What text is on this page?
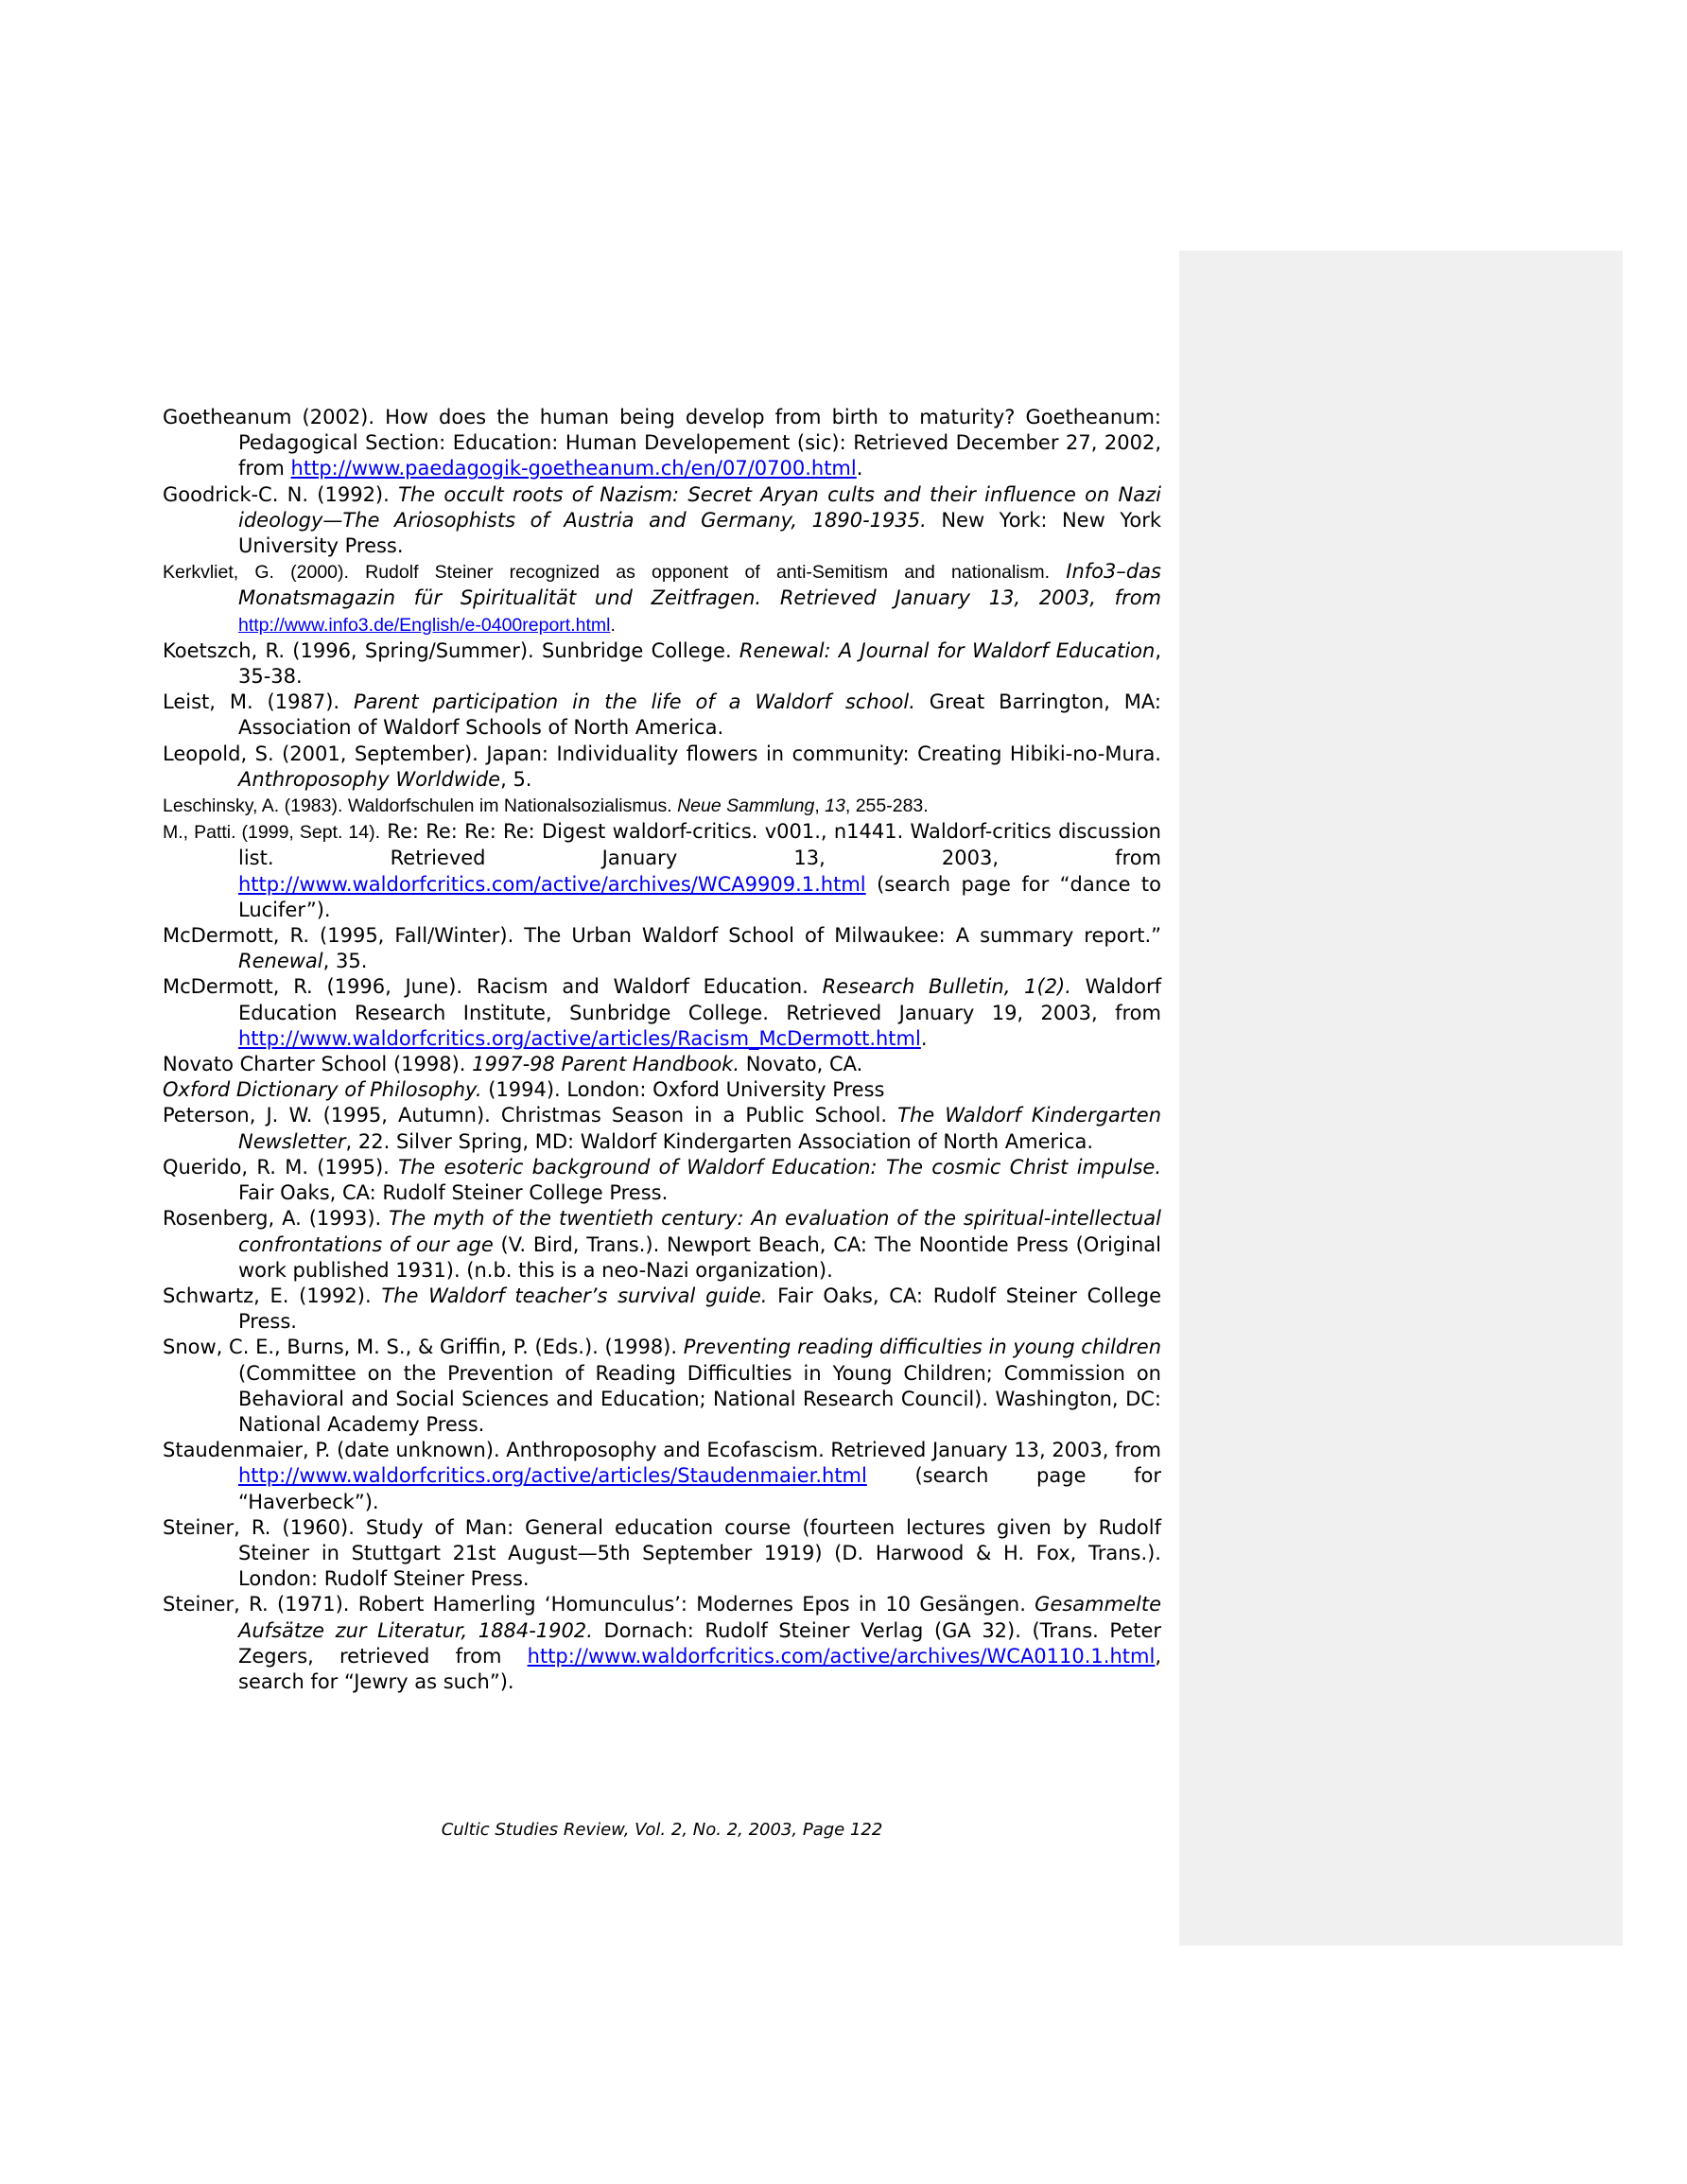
Goetheanum (2002). How does the human being develop from birth to maturity? Goetheanum: Pedagogical Section: Education: Human Developement (sic): Retrieved December 27, 2002, from http://www.paedagogik-goetheanum.ch/en/07/0700.html.
Goodrick-C. N. (1992). The occult roots of Nazism: Secret Aryan cults and their influence on Nazi ideology—The Ariosophists of Austria and Germany, 1890-1935. New York: New York University Press.
Kerkvliet, G. (2000). Rudolf Steiner recognized as opponent of anti-Semitism and nationalism. Info3–das Monatsmagazin für Spiritualität und Zeitfragen. Retrieved January 13, 2003, from http://www.info3.de/English/e-0400report.html.
Koetszch, R. (1996, Spring/Summer). Sunbridge College. Renewal: A Journal for Waldorf Education, 35-38.
Leist, M. (1987). Parent participation in the life of a Waldorf school. Great Barrington, MA: Association of Waldorf Schools of North America.
Leopold, S. (2001, September). Japan: Individuality flowers in community: Creating Hibiki-no-Mura. Anthroposophy Worldwide, 5.
Leschinsky, A. (1983). Waldorfschulen im Nationalsozialismus. Neue Sammlung, 13, 255-283.
M., Patti. (1999, Sept. 14). Re: Re: Re: Re: Digest waldorf-critics. v001., n1441. Waldorf-critics discussion list. Retrieved January 13, 2003, from http://www.waldorfcritics.com/active/archives/WCA9909.1.html (search page for “dance to Lucifer”).
McDermott, R. (1995, Fall/Winter). The Urban Waldorf School of Milwaukee: A summary report.” Renewal, 35.
McDermott, R. (1996, June). Racism and Waldorf Education. Research Bulletin, 1(2). Waldorf Education Research Institute, Sunbridge College. Retrieved January 19, 2003, from http://www.waldorfcritics.org/active/articles/Racism_McDermott.html.
Novato Charter School (1998). 1997-98 Parent Handbook. Novato, CA.
Oxford Dictionary of Philosophy. (1994). London: Oxford University Press
Peterson, J. W. (1995, Autumn). Christmas Season in a Public School. The Waldorf Kindergarten Newsletter, 22. Silver Spring, MD: Waldorf Kindergarten Association of North America.
Querido, R. M. (1995). The esoteric background of Waldorf Education: The cosmic Christ impulse. Fair Oaks, CA: Rudolf Steiner College Press.
Rosenberg, A. (1993). The myth of the twentieth century: An evaluation of the spiritual-intellectual confrontations of our age (V. Bird, Trans.). Newport Beach, CA: The Noontide Press (Original work published 1931). (n.b. this is a neo-Nazi organization).
Schwartz, E. (1992). The Waldorf teacher’s survival guide. Fair Oaks, CA: Rudolf Steiner College Press.
Snow, C. E., Burns, M. S., & Griffin, P. (Eds.). (1998). Preventing reading difficulties in young children (Committee on the Prevention of Reading Difficulties in Young Children; Commission on Behavioral and Social Sciences and Education; National Research Council). Washington, DC: National Academy Press.
Staudenmaier, P. (date unknown). Anthroposophy and Ecofascism. Retrieved January 13, 2003, from http://www.waldorfcritics.org/active/articles/Staudenmaier.html (search page for “Haverbeck”).
Steiner, R. (1960). Study of Man: General education course (fourteen lectures given by Rudolf Steiner in Stuttgart 21st August—5th September 1919) (D. Harwood & H. Fox, Trans.). London: Rudolf Steiner Press.
Steiner, R. (1971). Robert Hamerling ‘Homunculus’: Modernes Epos in 10 Gesängen. Gesammelte Aufsätze zur Literatur, 1884-1902. Dornach: Rudolf Steiner Verlag (GA 32). (Trans. Peter Zegers, retrieved from http://www.waldorfcritics.com/active/archives/WCA0110.1.html, search for “Jewry as such”).
Cultic Studies Review, Vol. 2, No. 2, 2003, Page 122
